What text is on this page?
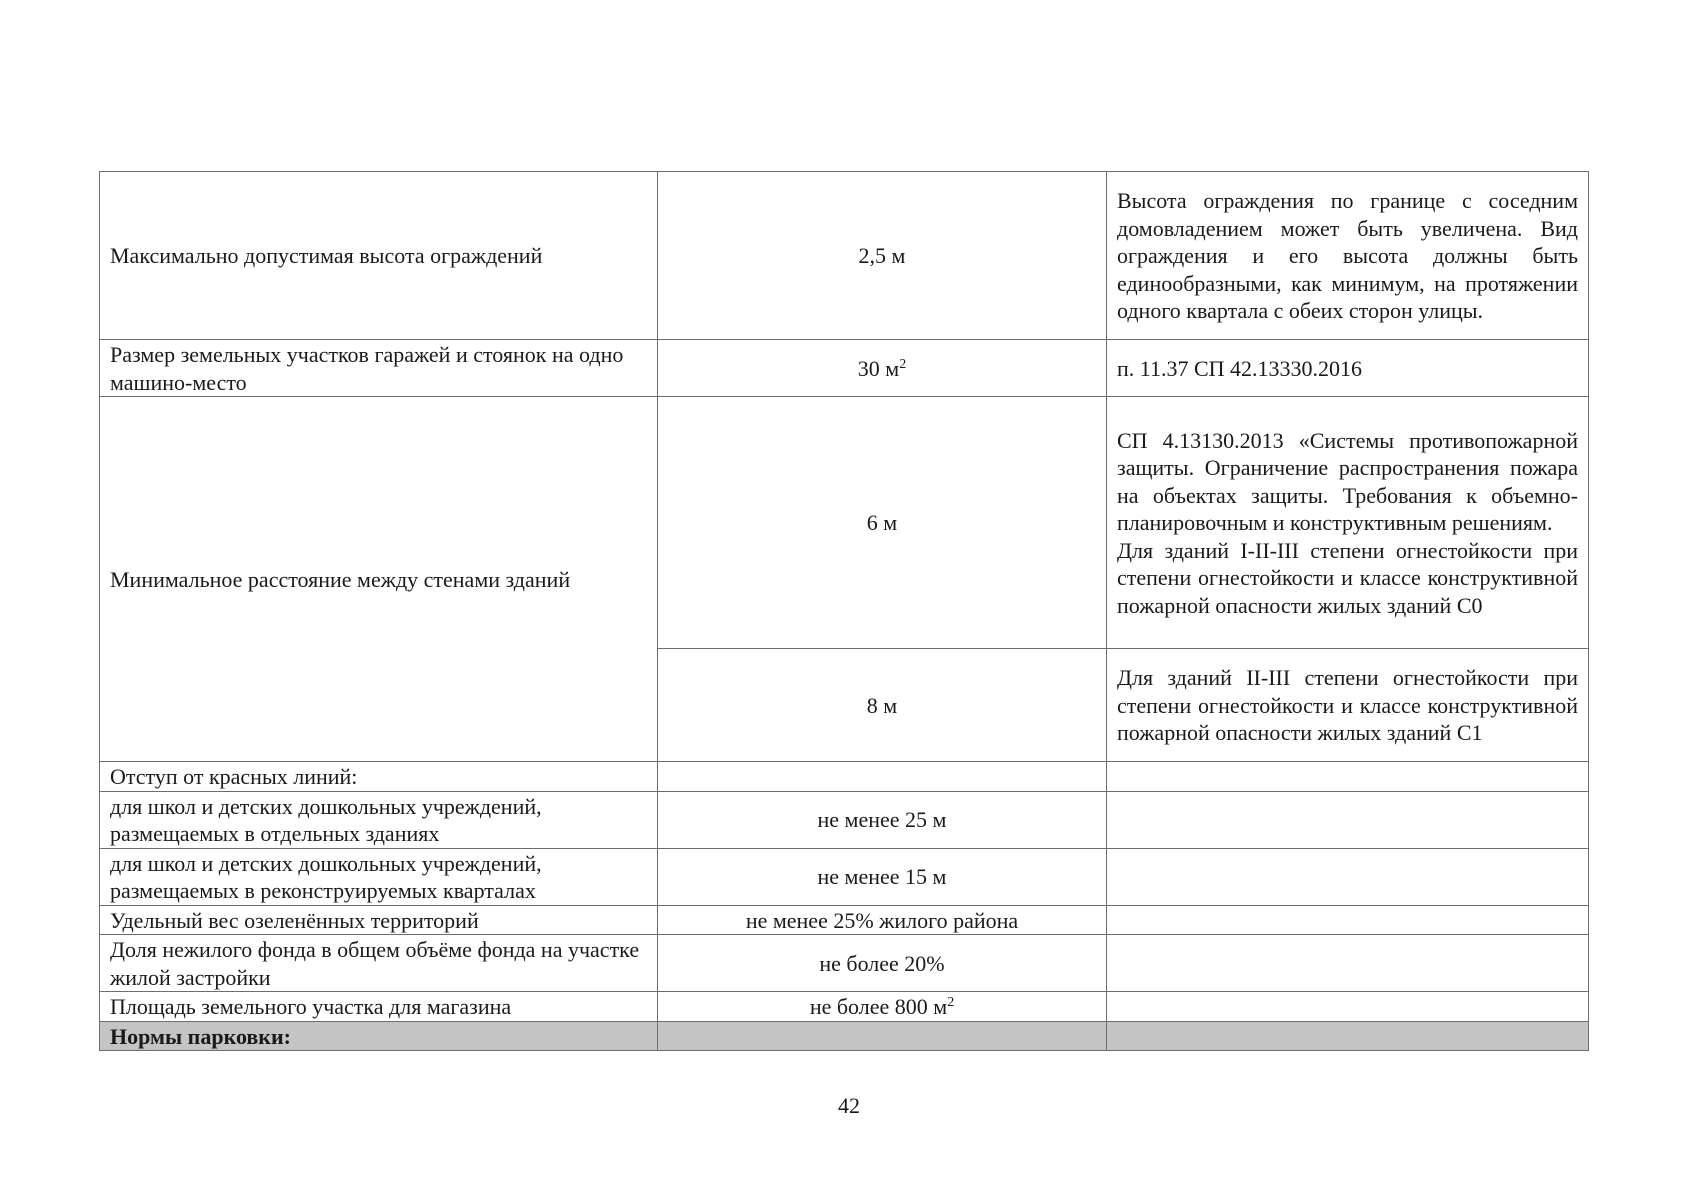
Максимально допустимая высота ограждений	2,5 м	Высота ограждения по границе с соседним домовладением может быть увеличена. Вид ограждения и его высота должны быть единообразными, как минимум, на протяжении одного квартала с обеих сторон улицы.

Размер земельных участков гаражей и стоянок на одно машино-место	30 $м^2$	п. 11.37 СП 42.13330.2016

Минимальное расстояние между стенами зданий	6 м	СП 4.13130.2013 «Системы противопожарной защиты. Ограничение распространения пожара на объектах защиты. Требования к объемно-планировочным и конструктивным решениям.
Для зданий I-II-III степени огнестойкости при степени огнестойкости и классе конструктивной пожарной опасности жилых зданий С0

	8 м	Для зданий II-III степени огнестойкости при степени огнестойкости и классе конструктивной пожарной опасности жилых зданий С1

Отступ от красных линий:		
для школ и детских дошкольных учреждений, размещаемых в отдельных зданиях	не менее 25 м	
для школ и детских дошкольных учреждений, размещаемых в реконструируемых кварталах	не менее 15 м	
Удельный вес озеленённых территорий	не менее 25% жилого района	
Доля нежилого фонда в общем объёме фонда на участке жилой застройки	не более 20%	
Площадь земельного участка для магазина	не более 800 $м^2$	
Нормы парковки:		
42
